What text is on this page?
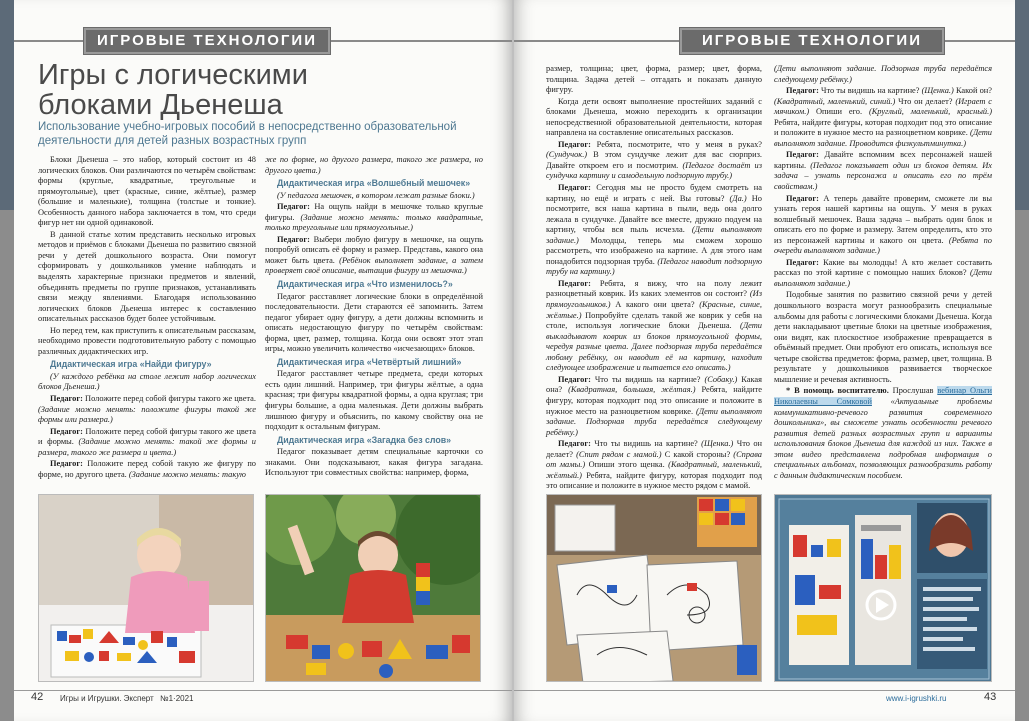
ИГРОВЫЕ ТЕХНОЛОГИИ
Игры с логическими блоками Дьенеша
Использование учебно-игровых пособий в непосредственно образовательной деятельности для детей разных возрастных групп

Блоки Дьенеша – это набор, который состоит из 48 логических блоков. Они различаются по четырём свойствам: формы (круглые, квадратные, треугольные и прямоугольные), цвет (красные, синие, жёлтые), размер (большие и маленькие), толщина (толстые и тонкие). Особенность данного набора заключается в том, что среди фигур нет ни одной одинаковой.

В данной статье хотим представить несколько игровых методов и приёмов с блоками Дьенеша по развитию связной речи у детей дошкольного возраста. Они помогут сформировать у дошкольников умение наблюдать и выделять характерные признаки предметов и явлений, объединять предметы по группе признаков, устанавливать связи между явлениями. Благодаря использованию логических блоков Дьенеша интерес к составлению описательных рассказов будет более устойчивым.

Но перед тем, как приступить к описательным рассказам, необходимо провести подготовительную работу с помощью различных дидактических игр.

Дидактическая игра «Найди фигуру»

(У каждого ребёнка на столе лежит набор логических блоков Дьенеша.)

Педагог: Положите перед собой фигуры такого же цвета. (Задание можно менять: положите фигуры такой же формы или размера.)

Педагог: Положите перед собой фигуры такого же цвета и формы. (Задание можно менять: такой же формы и размера, такого же размера и цвета.)

Педагог: Положите перед собой такую же фигуру по форме, но другого цвета. (Задание можно менять: такую

же по форме, но другого размера, такого же размера, но другого цвета.)

Дидактическая игра «Волшебный мешочек»

(У педагога мешочек, в котором лежат разные блоки.)

Педагог: На ощупь найди в мешочке только круглые фигуры. (Задание можно менять: только квадратные, только треугольные или прямоугольные.)

Педагог: Выбери любую фигуру в мешочке, на ощупь попробуй описать её форму и размер. Представь, какого она может быть цвета. (Ребёнок выполняет задание, а затем проверяет своё описание, вытащив фигуру из мешочка.)

Дидактическая игра «Что изменилось?»

Педагог расставляет логические блоки в определённой последовательности. Дети стараются её запомнить. Затем педагог убирает одну фигуру, а дети должны вспомнить и описать недостающую фигуру по четырём свойствам: форма, цвет, размер, толщина. Когда они освоят этот этап игры, можно увеличить количество «исчезающих» блоков.

Дидактическая игра «Четвёртый лишний»

Педагог расставляет четыре предмета, среди которых есть один лишний. Например, три фигуры жёлтые, а одна красная; три фигуры квадратной формы, а одна круглая; три фигуры большие, а одна маленькая. Дети должны выбрать лишнюю фигуру и объяснить, по какому свойству она не подходит к остальным фигурам.

Дидактическая игра «Загадка без слов»

Педагог показывает детям специальные карточки со знаками. Они подсказывают, какая фигура загадана. Используют три совместных свойства: например, форма,

42 Игры и Игрушки. Эксперт №1·2021
ИГРОВЫЕ ТЕХНОЛОГИИ

размер, толщина; цвет, форма, размер; цвет, форма, толщина. Задача детей – отгадать и показать данную фигуру.

Когда дети освоят выполнение простейших заданий с блоками Дьенеша, можно переходить к организации непосредственной образовательной деятельности, которая направлена на составление описательных рассказов.

Педагог: Ребята, посмотрите, что у меня в руках? (Сундучок.) В этом сундучке лежит для вас сюрприз. Давайте откроем его и посмотрим. (Педагог достаёт из сундучка картину и самодельную подзорную трубу.)

Педагог: Сегодня мы не просто будем смотреть на картину, но ещё и играть с ней. Вы готовы? (Да.) Но посмотрите, вся наша картина в пыли, ведь она долго лежала в сундучке. Давайте все вместе, дружно подуем на картину, чтобы вся пыль исчезла. (Дети выполняют задание.) Молодцы, теперь мы сможем хорошо рассмотреть, что изображено на картине. А для этого нам понадобится подзорная труба. (Педагог наводит подзорную трубу на картину.)

Педагог: Ребята, я вижу, что на полу лежит разноцветный коврик. Из каких элементов он состоит? (Из прямоугольников.) А какого они цвета? (Красные, синие, жёлтые.) Попробуйте сделать такой же коврик у себя на столе, используя логические блоки Дьенеша. (Дети выкладывают коврик из блоков прямоугольной формы, чередуя разные цвета. Далее подзорная труба передаётся любому ребёнку, он наводит её на картину, находит следующее изображение и пытается его описать.)

Педагог: Что ты видишь на картине? (Собаку.) Какая она? (Квадратная, большая, жёлтая.) Ребята, найдите фигуру, которая подходит под это описание и положите в нужное место на разноцветном коврике. (Дети выполняют задание. Подзорная труба передаётся следующему ребёнку.)

Педагог: Что ты видишь на картине? (Щенка.) Что он делает? (Спит рядом с мамой.) С какой стороны? (Справа от мамы.) Опиши этого щенка. (Квадратный, маленький, жёлтый.) Ребята, найдите фигуру, которая подходит под это описание и положите в нужное место рядом с мамой.

(Дети выполняют задание. Подзорная труба передаётся следующему ребёнку.)

Педагог: Что ты видишь на картине? (Щенка.) Какой он? (Квадратный, маленький, синий.) Что он делает? (Играет с мячиком.) Опиши его. (Круглый, маленький, красный.) Ребята, найдите фигуры, которая подходит под это описание и положите в нужное место на разноцветном коврике. (Дети выполняют задание. Проводится физкультминутка.)

Педагог: Давайте вспомним всех персонажей нашей картины. (Педагог показывает один из блоков детям. Их задача – узнать персонажа и описать его по трём свойствам.)

Педагог: А теперь давайте проверим, сможете ли вы узнать героя нашей картины на ощупь. У меня в руках волшебный мешочек. Ваша задача – выбрать один блок и описать его по форме и размеру. Затем определить, кто это из персонажей картины и какого он цвета. (Ребята по очереди выполняют задание.)

Педагог: Какие вы молодцы! А кто желает составить рассказ по этой картине с помощью наших блоков? (Дети выполняют задание.)

Подобные занятия по развитию связной речи у детей дошкольного возраста могут разнообразить специальные альбомы для работы с логическими блоками Дьенеша. Когда дети накладывают цветные блоки на цветные изображения, они видят, как плоскостное изображение превращается в объёмный предмет. Они пробуют его описать, используя все четыре свойства предметов: форма, размер, цвет, толщина. В результате у дошкольников развивается творческое мышление и речевая активность.

* В помощь воспитателю. Прослушав вебинар Ольги Николаевны Сомковой «Актуальные проблемы коммуникативно-речевого развития современного дошкольника», вы сможете узнать особенности речевого развития детей разных возрастных групп и варианты использования блоков Дьенеша для каждой из них. Также в этом видео представлена подробная информация о специальных альбомах, позволяющих разнообразить работу с данным дидактическим пособием.

www.i-igrushki.ru	43
